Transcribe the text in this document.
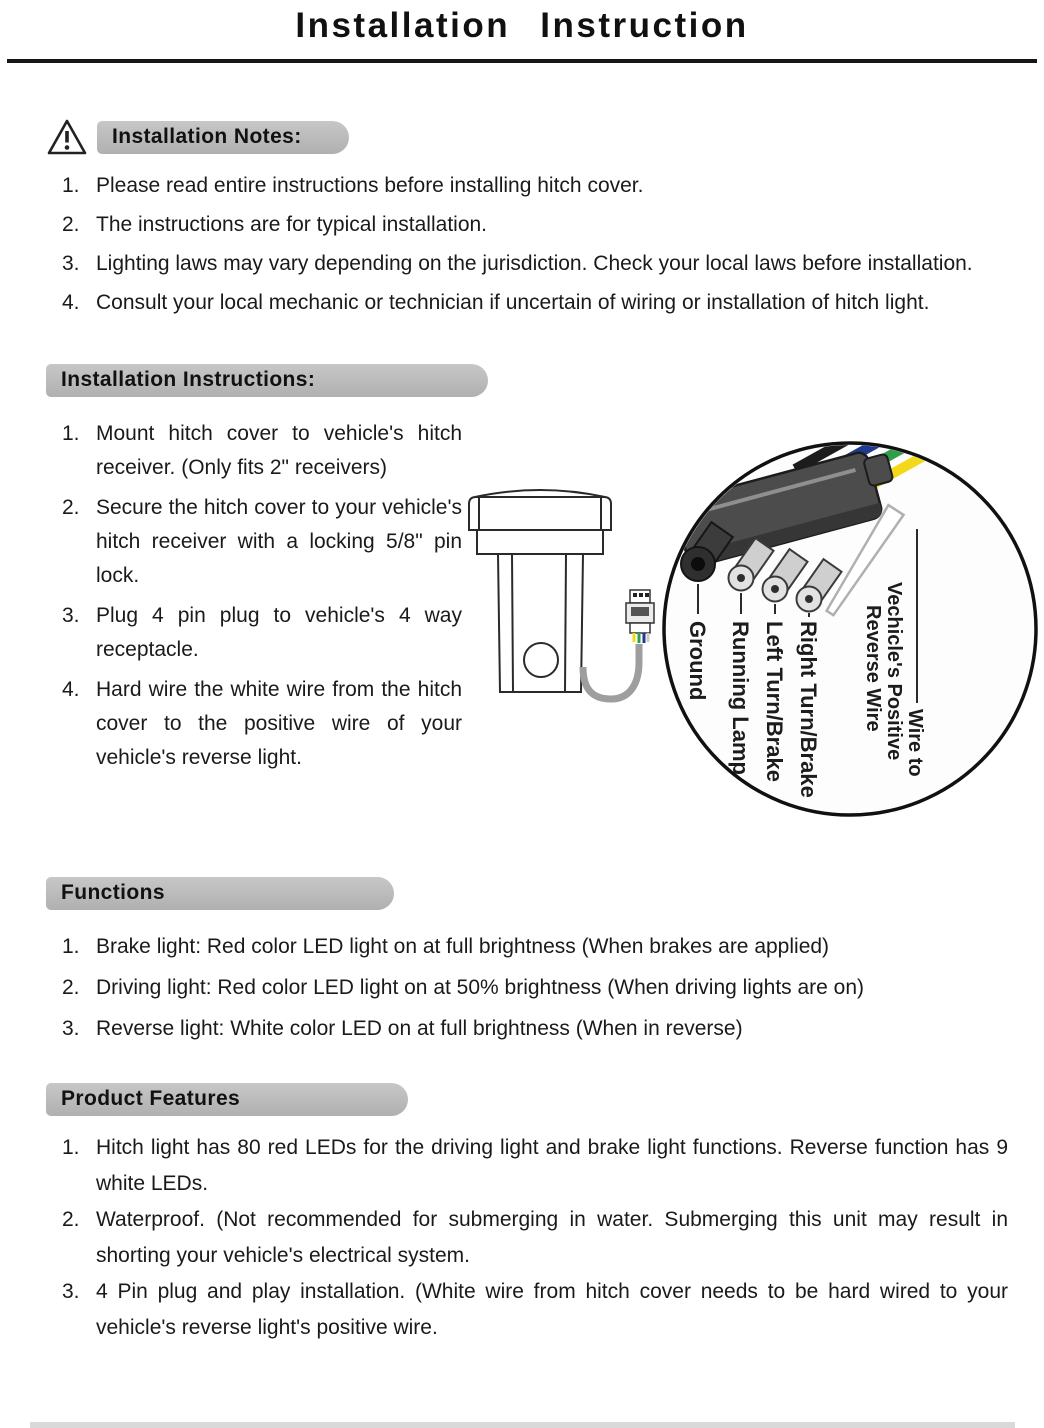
Installation Instruction
Installation Notes:
1. Please read entire instructions before installing hitch cover.
2. The instructions are for typical installation.
3. Lighting laws may vary depending on the jurisdiction. Check your local laws before installation.
4. Consult your local mechanic or technician if uncertain of wiring or installation of hitch light.
Installation Instructions:
1. Mount hitch cover to vehicle's hitch receiver. (Only fits 2" receivers)
2. Secure the hitch cover to your vehicle's hitch receiver with a locking 5/8" pin lock.
3. Plug 4 pin plug to vehicle's 4 way receptacle.
4. Hard wire the white wire from the hitch cover to the positive wire of your vehicle's reverse light.
Ground Running Lamp Left Turn/Brake Right Turn/Brake	Wire to
Vechicle's Positive
Reverse Wire
Functions
1. Brake light: Red color LED light on at full brightness (When brakes are applied)
2. Driving light: Red color LED light on at 50% brightness (When driving lights are on)
3. Reverse light: White color LED on at full brightness (When in reverse)
Product Features
1. Hitch light has 80 red LEDs for the driving light and brake light functions. Reverse function has 9 white LEDs.
2. Waterproof. (Not recommended for submerging in water. Submerging this unit may result in shorting your vehicle's electrical system.
3. 4 Pin plug and play installation. (White wire from hitch cover needs to be hard wired to your vehicle's reverse light's positive wire.
